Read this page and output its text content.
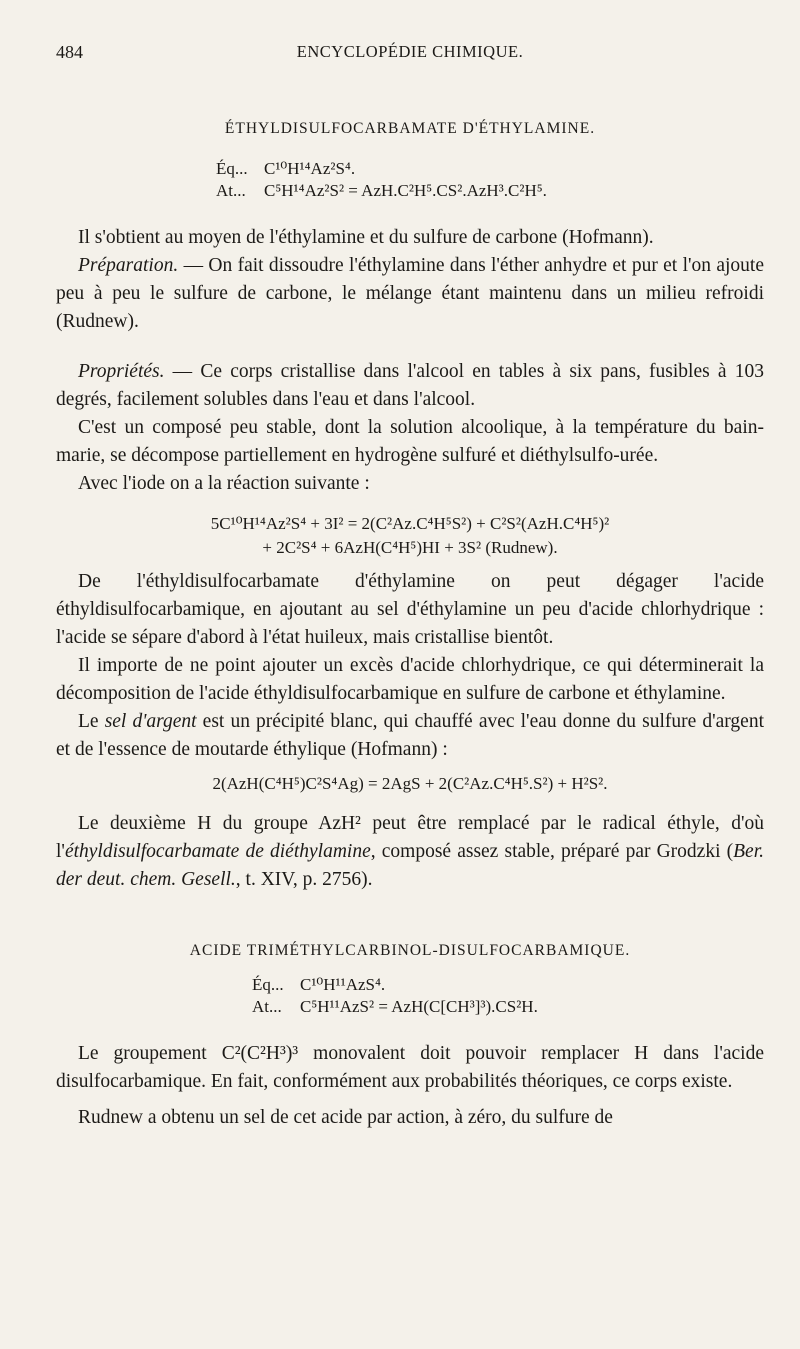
484	ENCYCLOPÉDIE CHIMIQUE.
ÉTHYLDISULFOCARBAMATE D'ÉTHYLAMINE.
Éq... C¹⁰H¹⁴Az²S⁴.
At...	C⁵H¹⁴Az²S² = AzH.C²H⁵.CS².AzH³.C²H⁵.

Il s'obtient au moyen de l'éthylamine et du sulfure de carbone (Hofmann).

Préparation. — On fait dissoudre l'éthylamine dans l'éther anhydre et pur et l'on ajoute peu à peu le sulfure de carbone, le mélange étant maintenu dans un milieu refroidi (Rudnew).

Propriétés. — Ce corps cristallise dans l'alcool en tables à six pans, fusibles à 103 degrés, facilement solubles dans l'eau et dans l'alcool.

C'est un composé peu stable, dont la solution alcoolique, à la température du bain-marie, se décompose partiellement en hydrogène sulfuré et diéthylsulfo-urée.

Avec l'iode on a la réaction suivante :

5C¹⁰H¹⁴Az²S⁴ + 3I² = 2(C²Az.C⁴H⁵S²) + C²S²(AzH.C⁴H⁵)²
+ 2C²S⁴ + 6AzH(C⁴H⁵)HI + 3S² (Rudnew).

De l'éthyldisulfocarbamate d'éthylamine on peut dégager l'acide éthyldisulfocarbamique, en ajoutant au sel d'éthylamine un peu d'acide chlorhydrique : l'acide se sépare d'abord à l'état huileux, mais cristallise bientôt.

Il importe de ne point ajouter un excès d'acide chlorhydrique, ce qui déterminerait la décomposition de l'acide éthyldisulfocarbamique en sulfure de carbone et éthylamine.

Le sel d'argent est un précipité blanc, qui chauffé avec l'eau donne du sulfure d'argent et de l'essence de moutarde éthylique (Hofmann) :

2(AzH(C⁴H⁵)C²S⁴Ag) = 2AgS + 2(C²Az.C⁴H⁵.S²) + H²S².

Le deuxième H du groupe AzH² peut être remplacé par le radical éthyle, d'où l'éthyldisulfocarbamate de diéthylamine, composé assez stable, préparé par Grodzki (Ber. der deut. chem. Gesell., t. XIV, p. 2756).

ACIDE TRIMÉTHYLCARBINOL-DISULFOCARBAMIQUE.
Éq... C¹⁰H¹¹AzS⁴.
At...	C⁵H¹¹AzS² = AzH(C[CH³]³).CS²H.

Le groupement C²(C²H³)³ monovalent doit pouvoir remplacer H dans l'acide disulfocarbamique. En fait, conformément aux probabilités théoriques, ce corps existe.

Rudnew a obtenu un sel de cet acide par action, à zéro, du sulfure de
